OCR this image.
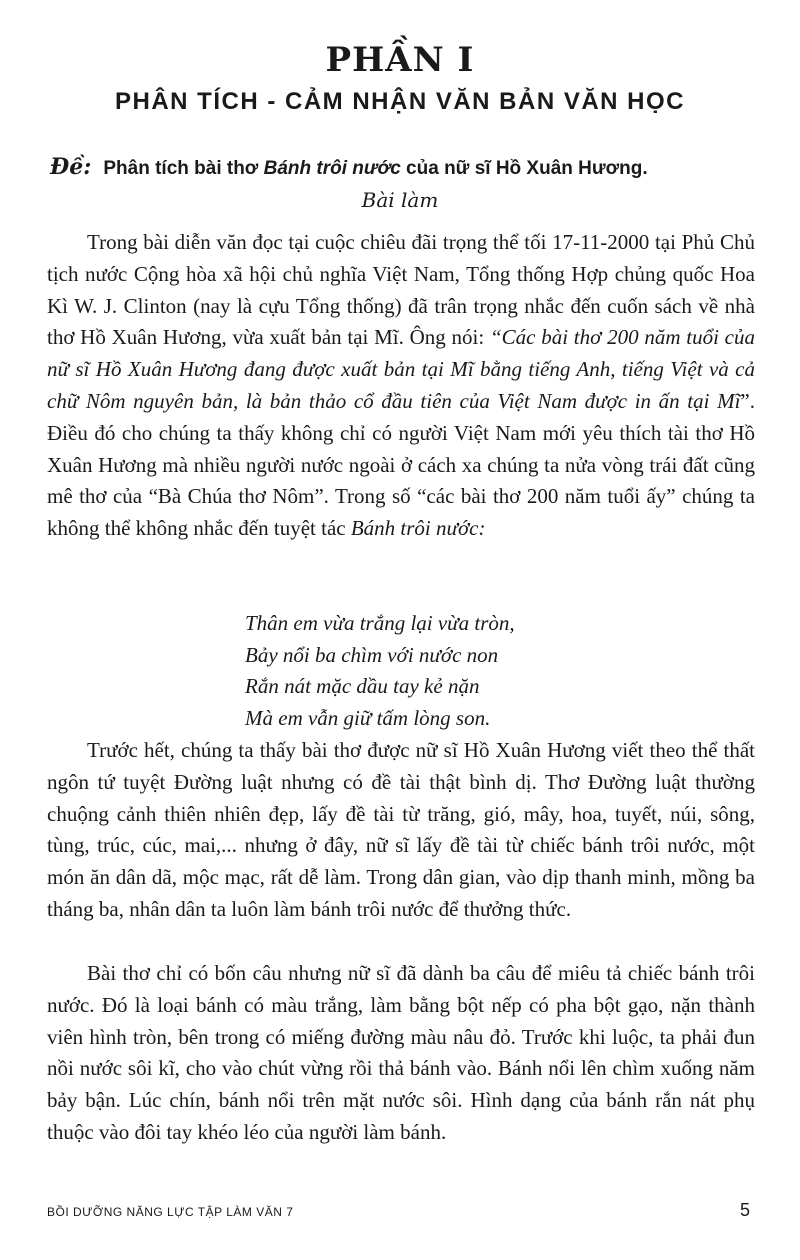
PHẦN I
PHÂN TÍCH - CẢM NHẬN VĂN BẢN VĂN HỌC
Đề: Phân tích bài thơ Bánh trôi nước của nữ sĩ Hồ Xuân Hương.
Bài làm

Trong bài diễn văn đọc tại cuộc chiêu đãi trọng thể tối 17-11-2000 tại Phủ Chủ tịch nước Cộng hòa xã hội chủ nghĩa Việt Nam, Tổng thống Hợp chủng quốc Hoa Kì W. J. Clinton (nay là cựu Tổng thống) đã trân trọng nhắc đến cuốn sách về nhà thơ Hồ Xuân Hương, vừa xuất bản tại Mĩ. Ông nói: “Các bài thơ 200 năm tuổi của nữ sĩ Hồ Xuân Hương đang được xuất bản tại Mĩ bằng tiếng Anh, tiếng Việt và cả chữ Nôm nguyên bản, là bản thảo cổ đầu tiên của Việt Nam được in ấn tại Mĩ”. Điều đó cho chúng ta thấy không chỉ có người Việt Nam mới yêu thích tài thơ Hồ Xuân Hương mà nhiều người nước ngoài ở cách xa chúng ta nửa vòng trái đất cũng mê thơ của “Bà Chúa thơ Nôm”. Trong số “các bài thơ 200 năm tuổi ấy” chúng ta không thể không nhắc đến tuyệt tác Bánh trôi nước:

Thân em vừa trắng lại vừa tròn,
Bảy nổi ba chìm với nước non
Rắn nát mặc dầu tay kẻ nặn
Mà em vẫn giữ tấm lòng son.

Trước hết, chúng ta thấy bài thơ được nữ sĩ Hồ Xuân Hương viết theo thể thất ngôn tứ tuyệt Đường luật nhưng có đề tài thật bình dị. Thơ Đường luật thường chuộng cảnh thiên nhiên đẹp, lấy đề tài từ trăng, gió, mây, hoa, tuyết, núi, sông, tùng, trúc, cúc, mai,... nhưng ở đây, nữ sĩ lấy đề tài từ chiếc bánh trôi nước, một món ăn dân dã, mộc mạc, rất dễ làm. Trong dân gian, vào dịp thanh minh, mồng ba tháng ba, nhân dân ta luôn làm bánh trôi nước để thưởng thức.

Bài thơ chỉ có bốn câu nhưng nữ sĩ đã dành ba câu để miêu tả chiếc bánh trôi nước. Đó là loại bánh có màu trắng, làm bằng bột nếp có pha bột gạo, nặn thành viên hình tròn, bên trong có miếng đường màu nâu đỏ. Trước khi luộc, ta phải đun nồi nước sôi kĩ, cho vào chút vừng rồi thả bánh vào. Bánh nổi lên chìm xuống năm bảy bận. Lúc chín, bánh nổi trên mặt nước sôi. Hình dạng của bánh rắn nát phụ thuộc vào đôi tay khéo léo của người làm bánh.

BỒI DƯỠNG NĂNG LỰC TẬP LÀM VĂN 7	5
